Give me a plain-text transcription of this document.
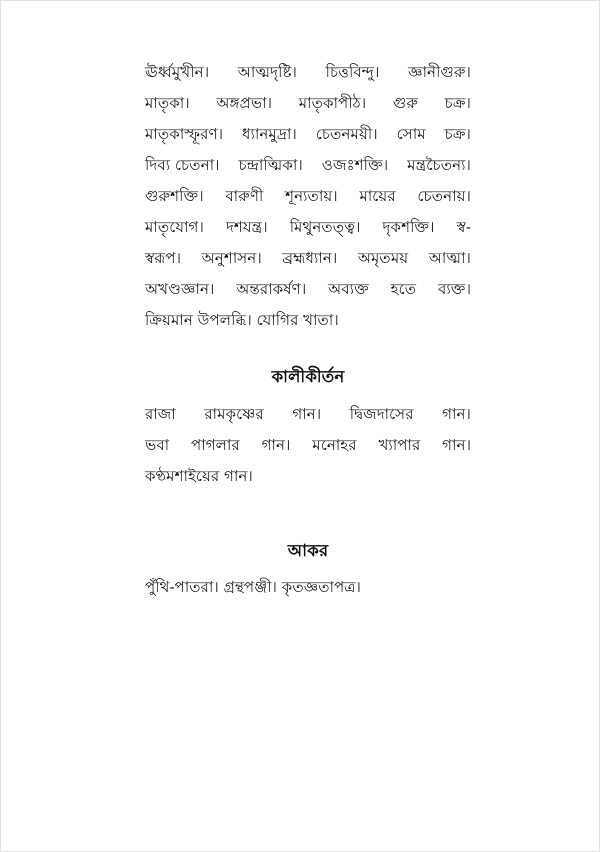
ঊর্ধ্বমুখীন। আত্মদৃষ্টি। চিত্তবিন্দু। জ্ঞানীগুরু।
মাতৃকা। অঙ্গপ্রভা। মাতৃকাপীঠ। গুরু চক্র।
মাতৃকাস্ফূরণ। ধ্যানমুদ্রা। চেতনময়ী। সোম চক্র।
দিব্য চেতনা। চন্দ্রাত্মিকা। ওজঃশক্তি। মন্ত্রচৈতন্য।
গুরুশক্তি। বারুণী শূন্যতায়। মায়ের চেতনায়।
মাতৃযোগ। দশযন্ত্র। মিথুনতত্ত্ব। দৃকশক্তি। স্ব-
স্বরূপ। অনুশাসন। ব্রহ্মধ্যান। অমৃতময় আত্মা।
অখণ্ডজ্ঞান। অন্তরাকর্ষণ। অব্যক্ত হতে ব্যক্ত।
ক্রিয়মান উপলব্ধি। যোগির খাতা।
কালীকীর্তন
রাজা রামকৃষ্ণের গান। দ্বিজদাসের গান।
ভবা পাগলার গান। মনোহর খ্যাপার গান।
কণ্ঠমশাইয়ের গান।
আকর
পুঁথি-পাতরা। গ্রন্থপঞ্জী। কৃতজ্ঞতাপত্র।
